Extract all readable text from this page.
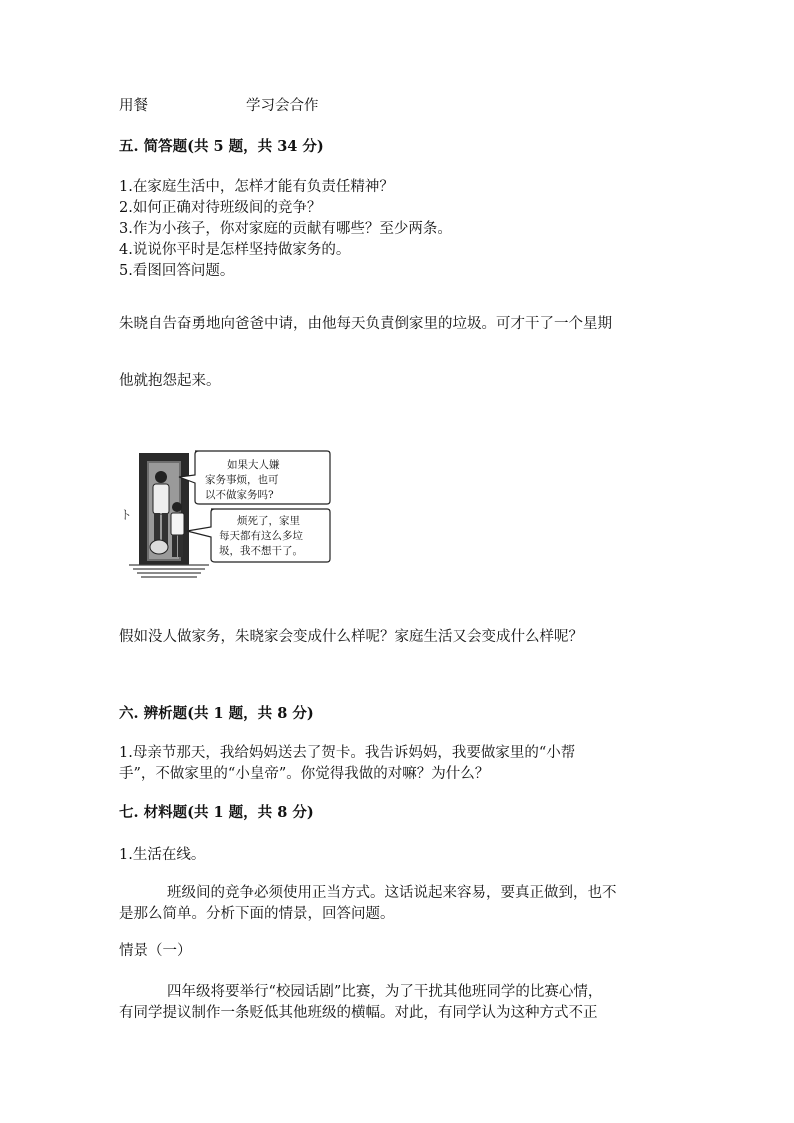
用餐	学习会合作

五. 简答题(共 5 题，共 34 分)

1.在家庭生活中，怎样才能有负责任精神？

2.如何正确对待班级间的竞争？

3.作为小孩子，你对家庭的贡献有哪些？至少两条。

4.说说你平时是怎样坚持做家务的。

5.看图回答问题。

朱晓自告奋勇地向爸爸中请，由他每天负責倒家里的垃圾。可才干了一个星期

他就抱怨起来。

ト

如果大人嫌

家务事烦，也可

以不做家务吗?

烦死了，家里

每天都有这么多垃

圾，我不想干了。

假如没人做家务，朱晓家会变成什么样呢？家庭生活又会变成什么样呢？

六. 辨析题(共 1 题，共 8 分)

1.母亲节那天，我给妈妈送去了贺卡。我告诉妈妈，我要做家里的“小帮

手”，不做家里的“小皇帝”。你觉得我做的对嘛？为什么？

七. 材料题(共 1 题，共 8 分)

1.生活在线。

班级间的竞争必须使用正当方式。这话说起来容易，要真正做到，也不

是那么简单。分析下面的情景，回答问题。

情景（一）

四年级将要举行“校园话剧”比赛，为了干扰其他班同学的比赛心情，

有同学提议制作一条贬低其他班级的横幅。对此，有同学认为这种方式不正
